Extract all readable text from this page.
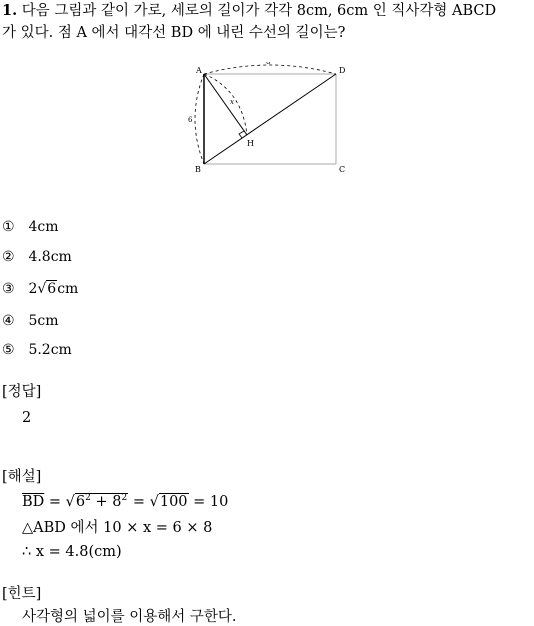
1. 다음 그림과 같이 가로, 세로의 길이가 각각 8cm, 6cm 인 직사각형 ABCD
가 있다. 점 A 에서 대각선 BD 에 내린 수선의 길이는?
A	D
B	C
H
8
6
x
① 4cm
② 4.8cm
③ 2√6cm
④ 5cm
⑤ 5.2cm
[정답]
2
[해설]
$\overline{BD} = √6^2 + 8^2 = √100 = 10$
△ABD 에서 10 × x = 6 × 8
∴ x = 4.8(cm)
[힌트]
사각형의 넓이를 이용해서 구한다.
